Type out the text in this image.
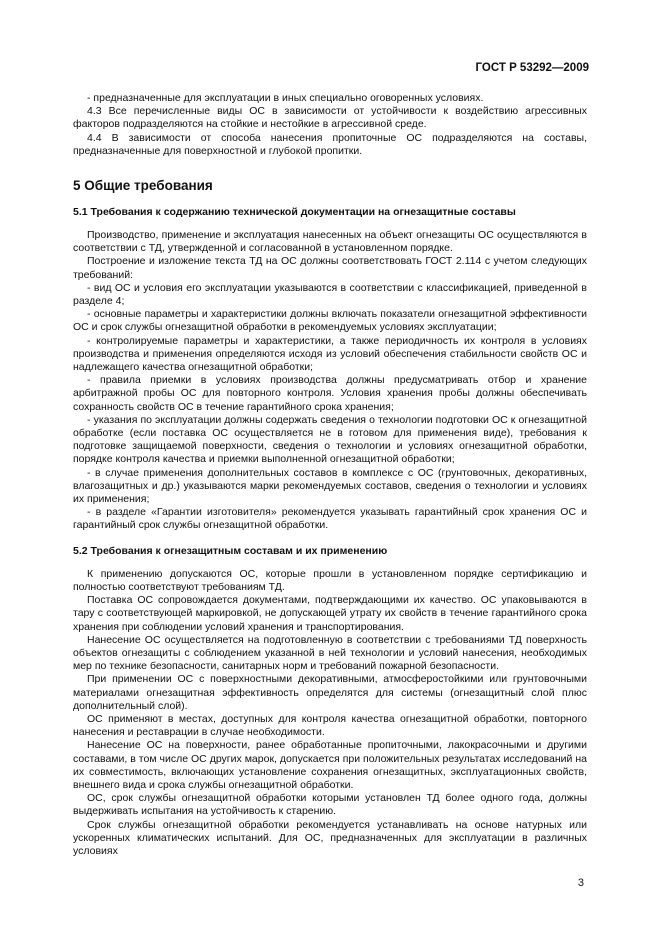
ГОСТ Р 53292—2009

- предназначенные для эксплуатации в иных специально оговоренных условиях.

4.3 Все перечисленные виды ОС в зависимости от устойчивости к воздействию агрессивных факторов подразделяются на стойкие и нестойкие в агрессивной среде.

4.4 В зависимости от способа нанесения пропиточные ОС подразделяются на составы, предназначенные для поверхностной и глубокой пропитки.

5 Общие требования
5.1 Требования к содержанию технической документации на огнезащитные составы

Производство, применение и эксплуатация нанесенных на объект огнезащиты ОС осуществляются в соответствии с ТД, утвержденной и согласованной в установленном порядке.

Построение и изложение текста ТД на ОС должны соответствовать ГОСТ 2.114 с учетом следующих требований:

- вид ОС и условия его эксплуатации указываются в соответствии с классификацией, приведенной в разделе 4;

- основные параметры и характеристики должны включать показатели огнезащитной эффективности ОС и срок службы огнезащитной обработки в рекомендуемых условиях эксплуатации;

- контролируемые параметры и характеристики, а также периодичность их контроля в условиях производства и применения определяются исходя из условий обеспечения стабильности свойств ОС и надлежащего качества огнезащитной обработки;

- правила приемки в условиях производства должны предусматривать отбор и хранение арбитражной пробы ОС для повторного контроля. Условия хранения пробы должны обеспечивать сохранность свойств ОС в течение гарантийного срока хранения;

- указания по эксплуатации должны содержать сведения о технологии подготовки ОС к огнезащитной обработке (если поставка ОС осуществляется не в готовом для применения виде), требования к подготовке защищаемой поверхности, сведения о технологии и условиях огнезащитной обработки, порядке контроля качества и приемки выполненной огнезащитной обработки;

- в случае применения дополнительных составов в комплексе с ОС (грунтовочных, декоративных, влагозащитных и др.) указываются марки рекомендуемых составов, сведения о технологии и условиях их применения;

- в разделе «Гарантии изготовителя» рекомендуется указывать гарантийный срок хранения ОС и гарантийный срок службы огнезащитной обработки.

5.2 Требования к огнезащитным составам и их применению

К применению допускаются ОС, которые прошли в установленном порядке сертификацию и полностью соответствуют требованиям ТД.

Поставка ОС сопровождается документами, подтверждающими их качество. ОС упаковываются в тару с соответствующей маркировкой, не допускающей утрату их свойств в течение гарантийного срока хранения при соблюдении условий хранения и транспортирования.

Нанесение ОС осуществляется на подготовленную в соответствии с требованиями ТД поверхность объектов огнезащиты с соблюдением указанной в ней технологии и условий нанесения, необходимых мер по технике безопасности, санитарных норм и требований пожарной безопасности.

При применении ОС с поверхностными декоративными, атмосферостойкими или грунтовочными материалами огнезащитная эффективность определятся для системы (огнезащитный слой плюс дополнительный слой).

ОС применяют в местах, доступных для контроля качества огнезащитной обработки, повторного нанесения и реставрации в случае необходимости.

Нанесение ОС на поверхности, ранее обработанные пропиточными, лакокрасочными и другими составами, в том числе ОС других марок, допускается при положительных результатах исследований на их совместимость, включающих установление сохранения огнезащитных, эксплуатационных свойств, внешнего вида и срока службы огнезащитной обработки.

ОС, срок службы огнезащитной обработки которыми установлен ТД более одного года, должны выдерживать испытания на устойчивость к старению.

Срок службы огнезащитной обработки рекомендуется устанавливать на основе натурных или ускоренных климатических испытаний. Для ОС, предназначенных для эксплуатации в различных условиях

3
